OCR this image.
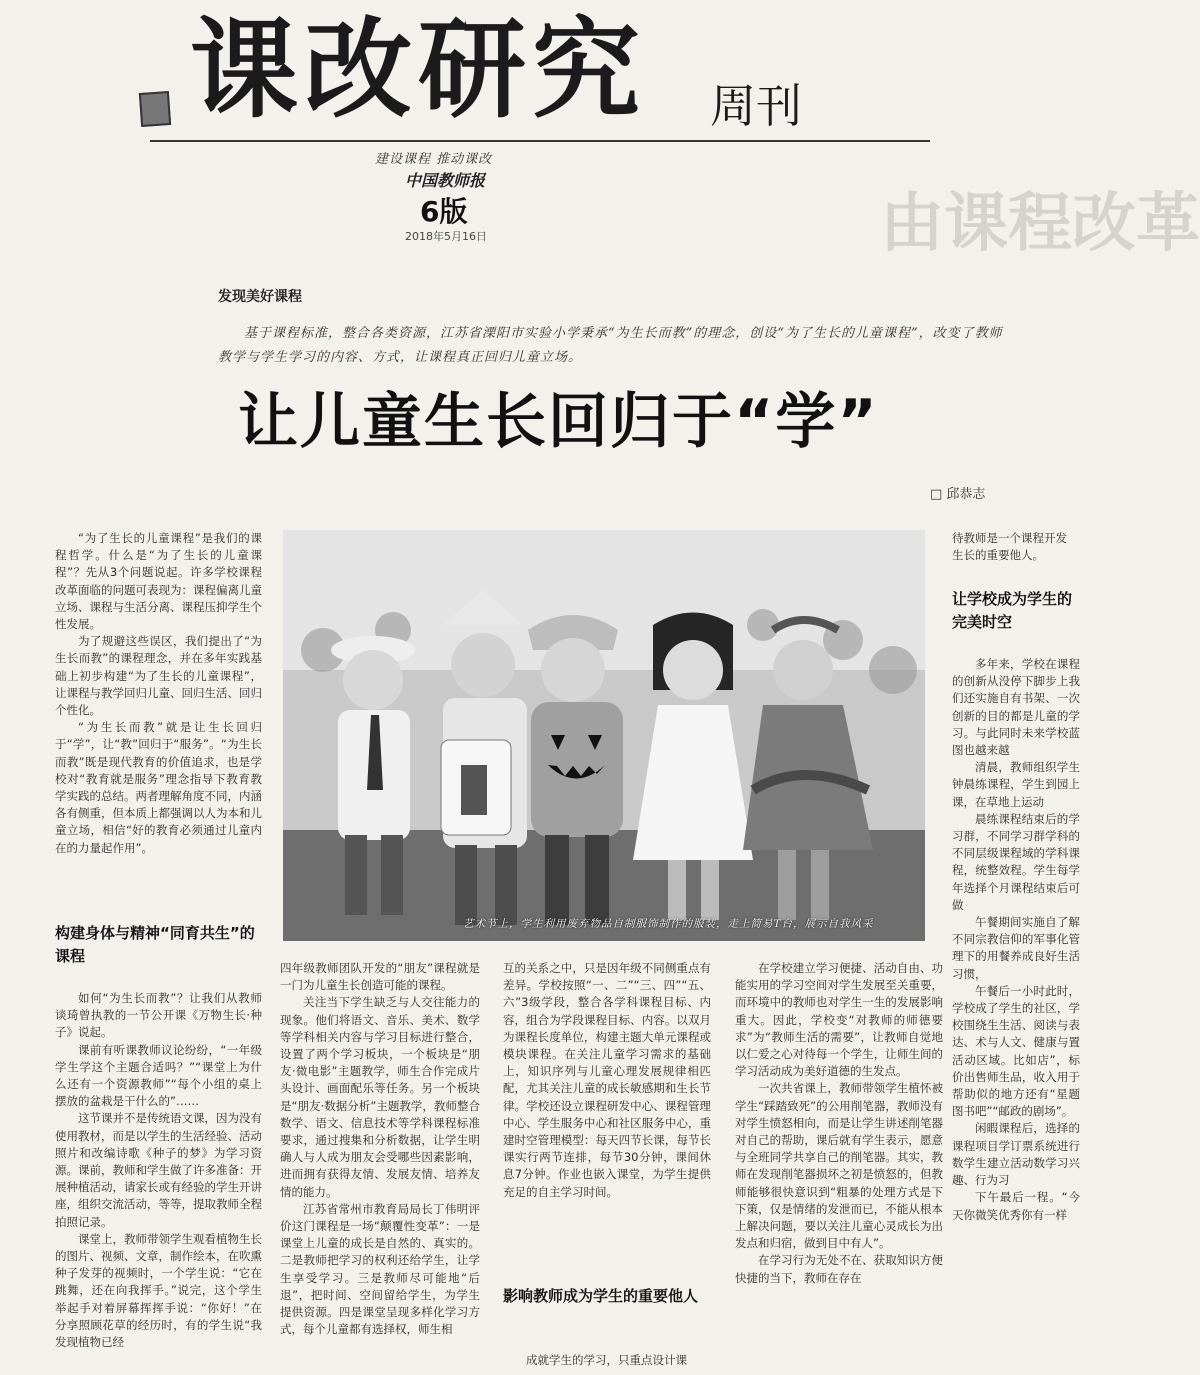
课改研究 周刊
建设课程 推动课改
中国教师报
6版
2018年5月16日	由课程改革
发现美好课程
基于课程标准，整合各类资源，江苏省溧阳市实验小学秉承“为生长而教”的理念，创设“为了生长的儿童课程”，改变了教师教学与学生学习的内容、方式，让课程真正回归儿童立场。
让儿童生长回归于“学”
□ 邱恭志

“为了生长的儿童课程”是我们的课程哲学。什么是“为了生长的儿童课程”？先从3个问题说起。许多学校课程改革面临的问题可表现为：课程偏离儿童立场、课程与生活分离、课程压抑学生个性发展。

为了规避这些误区，我们提出了“为生长而教”的课程理念，并在多年实践基础上初步构建“为了生长的儿童课程”，让课程与教学回归儿童、回归生活、回归个性化。

“为生长而教”就是让生长回归于“学”，让“教”回归于“服务”。“为生长而教”既是现代教育的价值追求，也是学校对“教育就是服务”理念指导下教育教学实践的总结。两者理解角度不同，内涵各有侧重，但本质上都强调以人为本和儿童立场，相信“好的教育必须通过儿童内在的力量起作用”。

构建身体与精神“同育共生”的课程

如何“为生长而教”？让我们从教师谈琦曾执教的一节公开课《万物生长·种子》说起。

课前有听课教师议论纷纷，“一年级学生学这个主题合适吗？”“课堂上为什么还有一个资源教师”“每个小组的桌上摆放的盆栽是干什么的”……

这节课并不是传统语文课，因为没有使用教材，而是以学生的生活经验、活动照片和改编诗歌《种子的梦》为学习资源。课前，教师和学生做了许多准备：开展种植活动，请家长或有经验的学生开讲座，组织交流活动，等等，提取教师全程拍照记录。

课堂上，教师带领学生观看植物生长的图片、视频、文章，制作绘本，在吹熏种子发芽的视频时，一个学生说：“它在跳舞，还在向我挥手。”说完，这个学生举起手对着屏幕挥挥手说：“你好！”在分享照顾花草的经历时，有的学生说“我发现植物已经

艺术节上，学生利用废弃物品自制服饰制作的服装，走上简易T台，展示自我风采

四年级教师团队开发的“朋友”课程就是一门为儿童生长创造可能的课程。

关注当下学生缺乏与人交往能力的现象。他们将语文、音乐、美术、数学等学科相关内容与学习目标进行整合，设置了两个学习板块，一个板块是“朋友·微电影”主题教学，师生合作完成片头设计、画面配乐等任务。另一个板块是“朋友·数据分析”主题教学，教师整合数学、语文、信息技术等学科课程标准要求，通过搜集和分析数据，让学生明确人与人成为朋友会受哪些因素影响，进而拥有获得友情、发展友情、培养友情的能力。

江苏省常州市教育局局长丁伟明评价这门课程是一场“颠覆性变革”：一是课堂上儿童的成长是自然的、真实的。二是教师把学习的权利还给学生，让学生享受学习。三是教师尽可能地“后退”，把时间、空间留给学生，为学生提供资源。四是课堂呈现多样化学习方式，每个儿童都有选择权，师生相

互的关系之中，只是因年级不同侧重点有差异。学校按照“一、二”“三、四”“五、六”3级学段，整合各学科课程目标、内容，组合为学段课程目标、内容。以双月为课程长度单位，构建主题大单元课程或模块课程。在关注儿童学习需求的基础上，知识序列与儿童心理发展规律相匹配，尤其关注儿童的成长敏感期和生长节律。学校还设立课程研发中心、课程管理中心、学生服务中心和社区服务中心，重建时空管理模型：每天四节长课，每节长课实行两节连排，每节30分钟，课间休息7分钟。作业也嵌入课堂，为学生提供充足的自主学习时间。

影响教师成为学生的重要他人

成就学生的学习，只重点设计课

在学校建立学习便捷、活动自由、功能实用的学习空间对学生发展至关重要，而环境中的教师也对学生一生的发展影响重大。因此，学校变“对教师的师德要求”为“教师生活的需要”，让教师自觉地以仁爱之心对待每一个学生，让师生间的学习活动成为美好道德的生发点。

一次共省课上，教师带领学生植怀被学生“踩踏致死”的公用削笔器，教师没有对学生愤怒相向，而是让学生讲述削笔器对自己的帮助，课后就有学生表示，愿意与全班同学共享自己的削笔器。其实，教师在发现削笔器损坏之初是愤怒的，但教师能够很快意识到“粗暴的处理方式是下下策，仅是情绪的发泄而已，不能从根本上解决问题，要以关注儿童心灵成长为出发点和归宿，做到目中有人”。

在学习行为无处不在、获取知识方便快捷的当下，教师在存在

待教师是一个课程开发

生长的重要他人。

让学校成为学生的完美时空

多年来，学校在课程的创新从没停下脚步上我们还实施自有书架、一次创新的目的都是儿童的学习。与此同时未来学校蓝图也越来越

清晨，教师组织学生钟晨练课程，学生到园上课，在草地上运动

晨练课程结束后的学习群，不同学习群学科的不同层级课程域的学科课程，统整效程。学生每学年选择个月课程结束后可做

午餐期间实施自了解不同宗教信仰的军事化管理下的用餐养成良好生活习惯，

午餐后一小时此时，学校成了学生的社区，学校围绕生生活、阅读与表达、术与人文、健康与置活动区域。比如店”，标价出售师生品，收入用于帮助似的地方还有“星题图书吧”“邮政的剧场”。

闲暇课程后，选择的课程项目学订票系统进行数学生建立活动数学习兴趣、行为习

下午最后一程。“今天你微笑优秀你有一样
